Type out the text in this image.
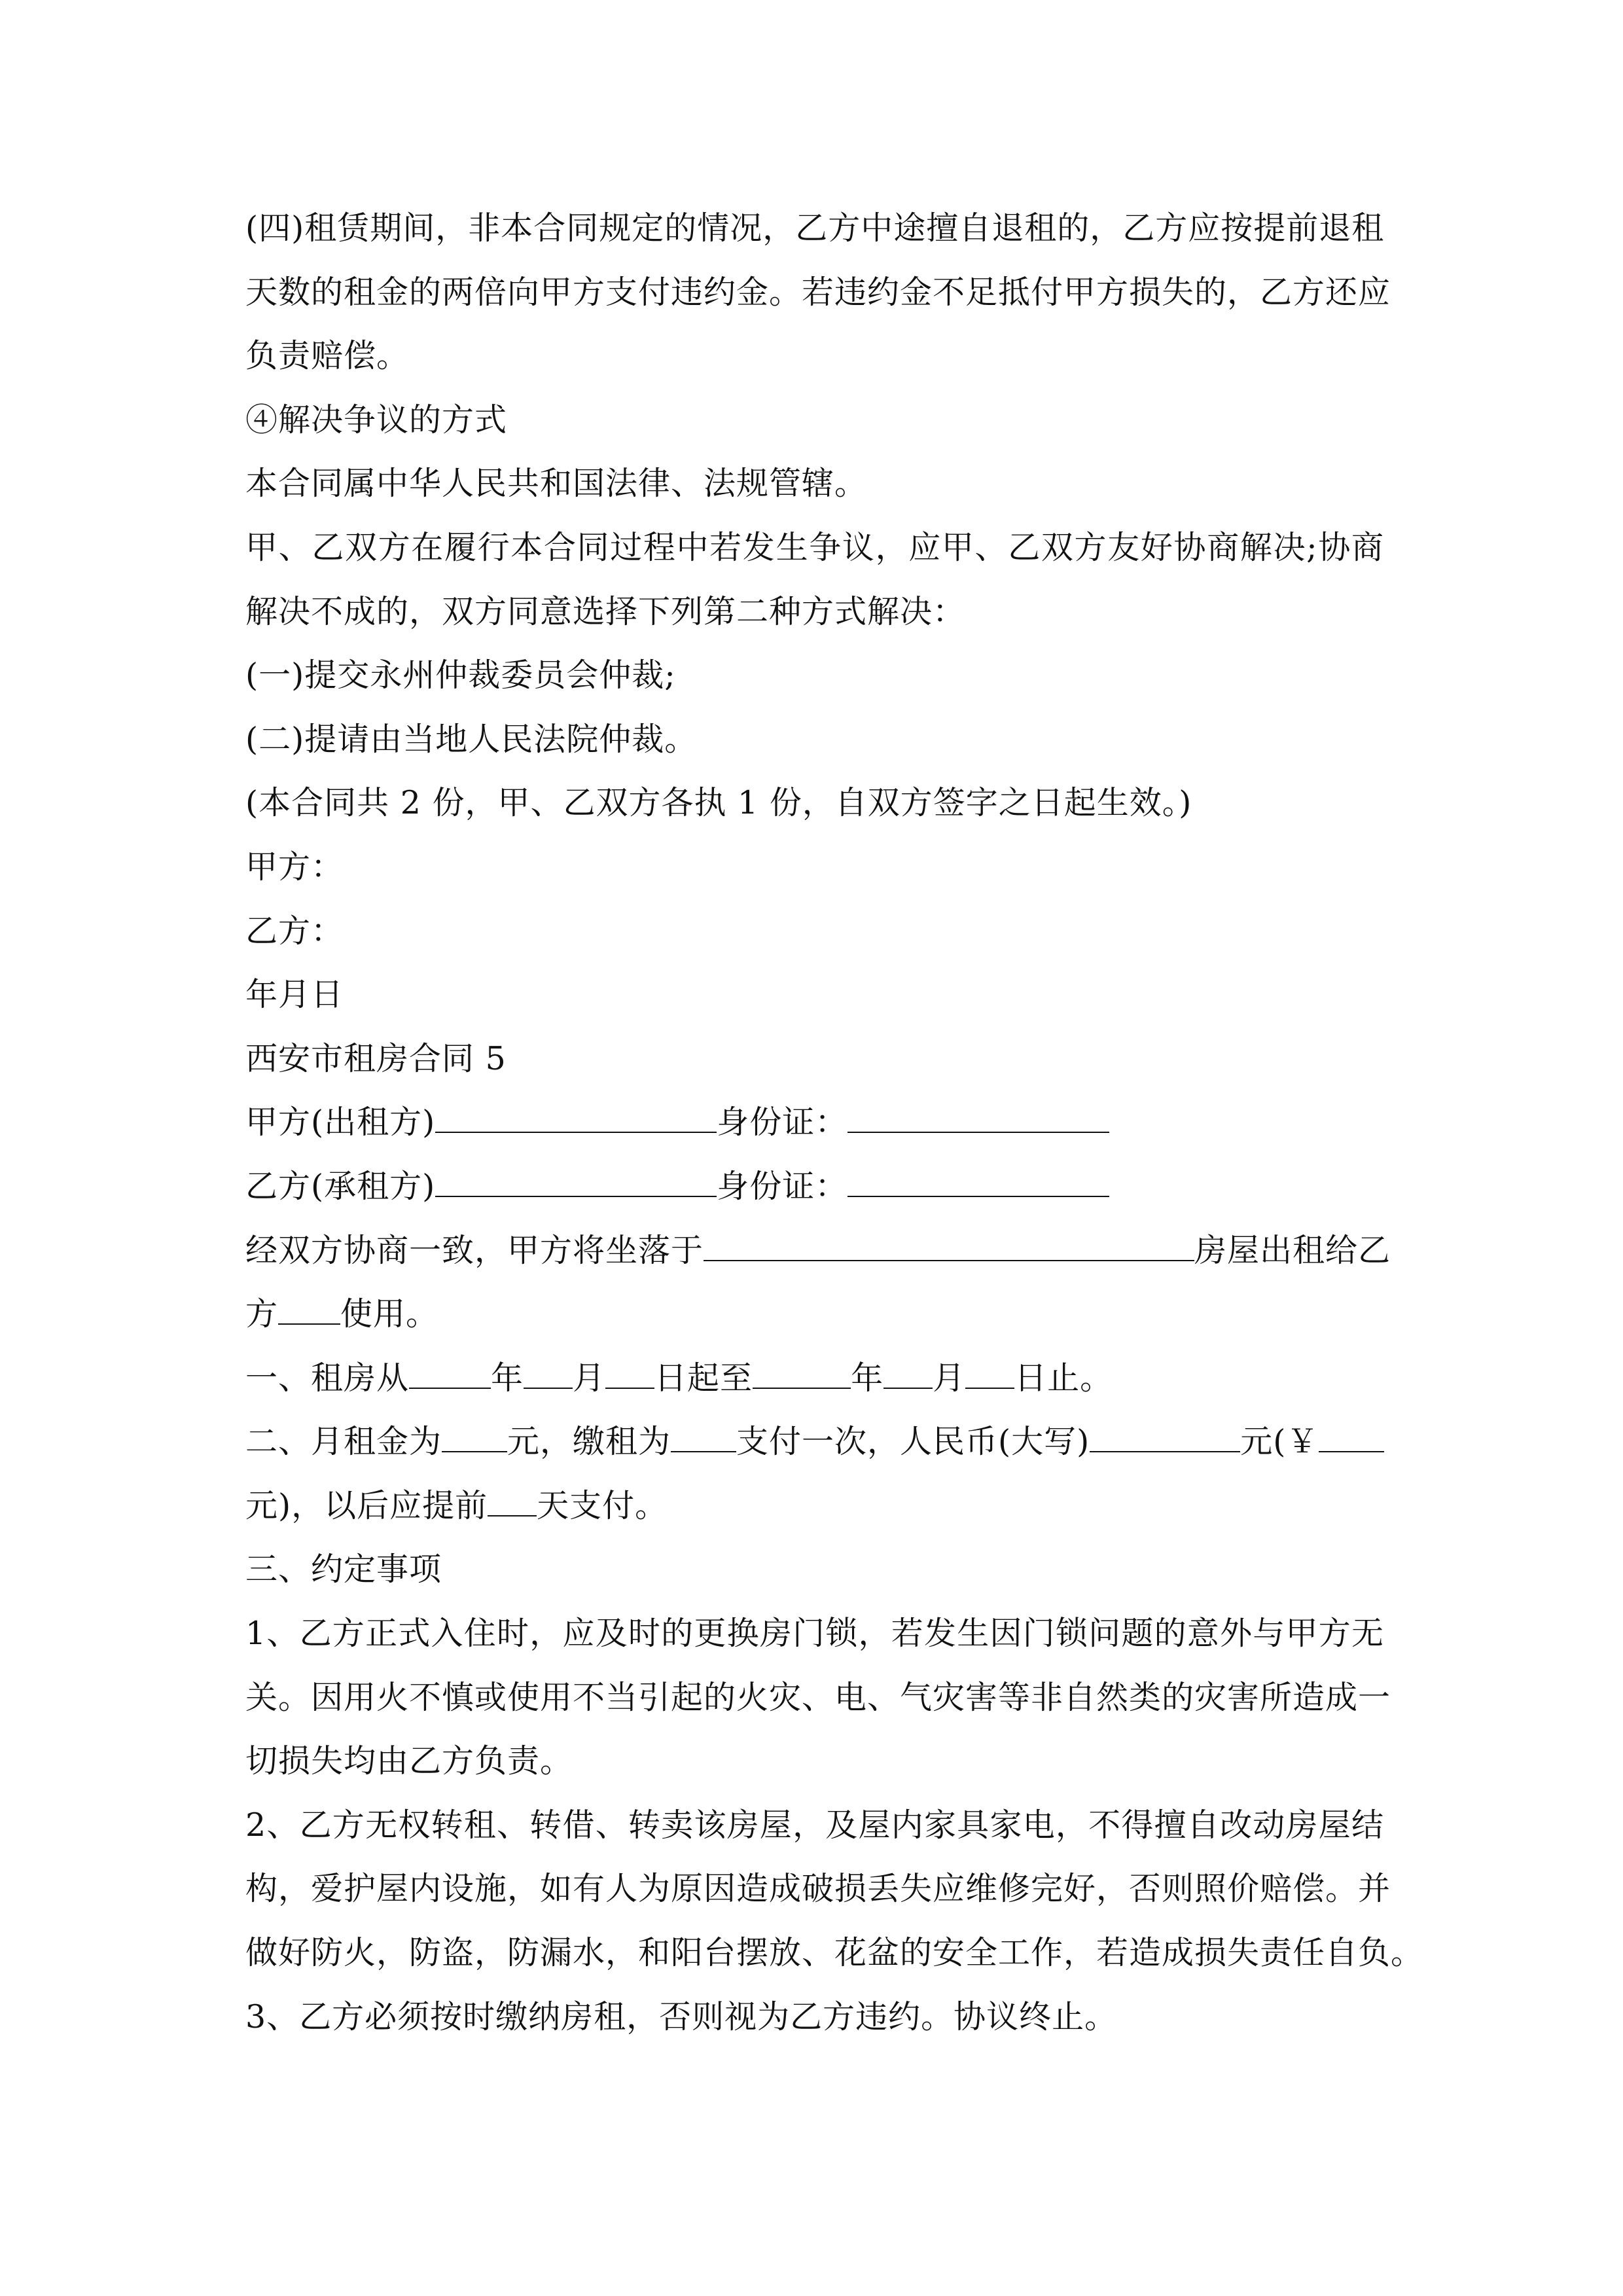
(四)租赁期间，非本合同规定的情况，乙方中途擅自退租的，乙方应按提前退租
天数的租金的两倍向甲方支付违约金。若违约金不足抵付甲方损失的，乙方还应
负责赔偿。
④解决争议的方式
本合同属中华人民共和国法律、法规管辖。
甲、乙双方在履行本合同过程中若发生争议，应甲、乙双方友好协商解决;协商
解决不成的，双方同意选择下列第二种方式解决：
(一)提交永州仲裁委员会仲裁;
(二)提请由当地人民法院仲裁。
(本合同共 2 份，甲、乙双方各执 1 份，自双方签字之日起生效。)
甲方：
乙方：
年月日
西安市租房合同 5
甲方(出租方)	身份证：
乙方(承租方)	身份证：
经双方协商一致，甲方将坐落于	房屋出租给乙
方 使用。
一、租房从	年 月 日起至	年 月 日止。
二、月租金为 元，缴租为 支付一次，人民币(大写)	元(￥
元)，以后应提前 天支付。
三、约定事项
1、乙方正式入住时，应及时的更换房门锁，若发生因门锁问题的意外与甲方无
关。因用火不慎或使用不当引起的火灾、电、气灾害等非自然类的灾害所造成一
切损失均由乙方负责。
2、乙方无权转租、转借、转卖该房屋，及屋内家具家电，不得擅自改动房屋结
构，爱护屋内设施，如有人为原因造成破损丢失应维修完好，否则照价赔偿。并
做好防火，防盗，防漏水，和阳台摆放、花盆的安全工作，若造成损失责任自负。
3、乙方必须按时缴纳房租，否则视为乙方违约。协议终止。
